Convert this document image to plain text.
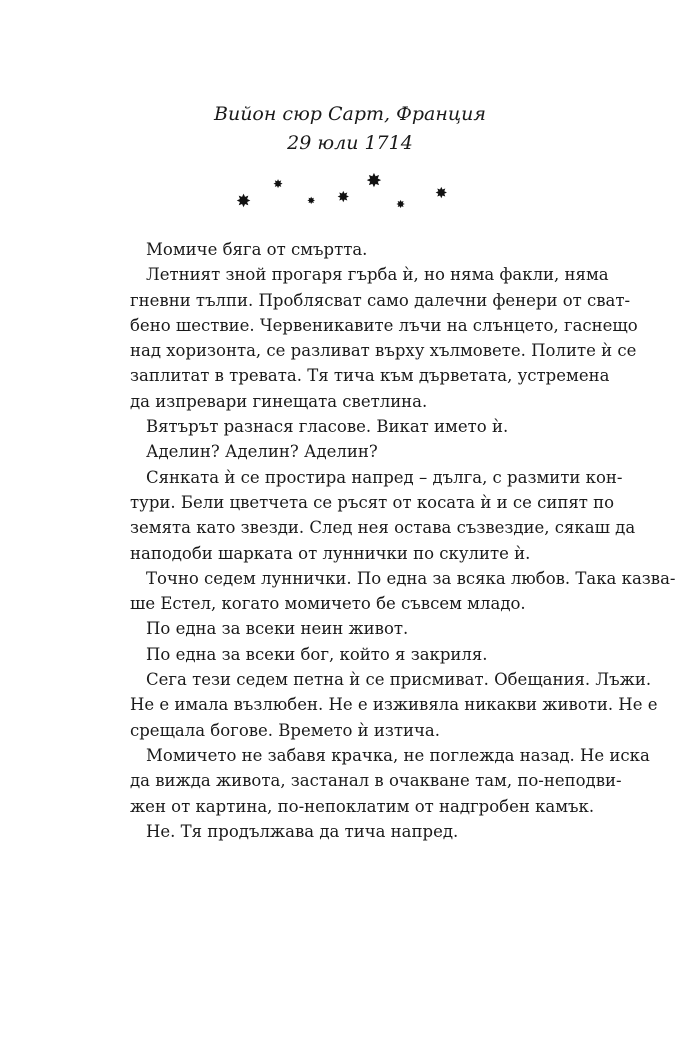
Вийон сюр Сарт, Франция
29 юли 1714
✸
✸
✸ ✸
✸
✸
✸
Момиче бяга от смъртта.
Летният зной прогаря гърба ѝ, но няма факли, няма
гневни тълпи. Проблясват само далечни фенери от сват-
бено шествие. Червеникавите лъчи на слънцето, гаснещо
над хоризонта, се разливат върху хълмовете. Полите ѝ се
заплитат в тревата. Тя тича към дърветата, устремена
да изпревари гинещата светлина.
Вятърът разнася гласове. Викат името ѝ.
Аделин? Аделин? Аделин?
Сянката ѝ се простира напред – дълга, с размити кон-
тури. Бели цветчета се ръсят от косата ѝ и се сипят по
земята като звезди. След нея остава съзвездие, сякаш да
наподоби шарката от луннички по скулите ѝ.
Точно седем луннички. По една за всяка любов. Така казва-
ше Естел, когато момичето бе съвсем младо.
По една за всеки неин живот.
По една за всеки бог, който я закриля.
Сега тези седем петна ѝ се присмиват. Обещания. Лъжи.
Не е имала възлюбен. Не е изживяла никакви животи. Не е
срещала богове. Времето ѝ изтича.
Момичето не забавя крачка, не поглежда назад. Не иска
да вижда живота, застанал в очакване там, по-неподви-
жен от картина, по-непоклатим от надгробен камък.
Не. Тя продължава да тича напред.
